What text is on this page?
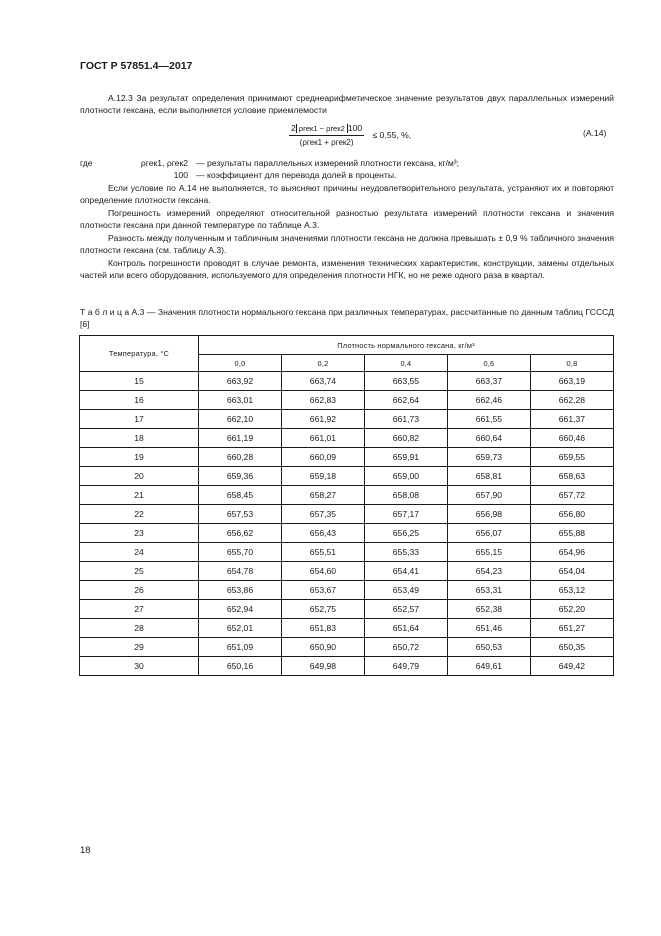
ГОСТ Р 57851.4—2017

А.12.3 За результат определения принимают среднеарифметическое значение результатов двух параллельных измерений плотности гексана, если выполняется условие приемлемости

$\frac{\text{2 ρгек1 − ρгек2 100}}{\text{(ρгек1 + ρгек2)}} \le 0,55$, %,	(А.14)
где	ρгек1, ρгек2 — результаты параллельных измерений плотности гексана, кг/м³;
100 — коэффициент для перевода долей в проценты.

Если условие по А.14 не выполняется, то выясняют причины неудовлетворительного результата, устраняют их и повторяют определение плотности гексана.

Погрешность измерений определяют относительной разностью результата измерений плотности гексана и значения плотности гексана при данной температуре по таблице А.3.

Разность между полученным и табличным значениями плотности гексана не должна превышать ± 0,9 % табличного значения плотности гексана (см. таблицу А.3).

Контроль погрешности проводят в случае ремонта, изменения технических характеристик, конструкции, замены отдельных частей или всего оборудования, используемого для определения плотности НГК, но не реже одного раза в квартал.

Т а б л и ц а А.3 — Значения плотности нормального гексана при различных температурах, рассчитанные по данным таблиц ГСССД [6]

Температура, °С	Плотность нормального гексана, кг/м³				
	0,0	0,2	0,4	0,6	0,8
15	663,92	663,74	663,55	663,37	663,19
16	663,01	662,83	662,64	662,46	662,28
17	662,10	661,92	661,73	661,55	661,37
18	661,19	661,01	660,82	660,64	660,46
19	660,28	660,09	659,91	659,73	659,55
20	659,36	659,18	659,00	658,81	658,63
21	658,45	658,27	658,08	657,90	657,72
22	657,53	657,35	657,17	656,98	656,80
23	656,62	656,43	656,25	656,07	655,88
24	655,70	655,51	655,33	655,15	654,96
25	654,78	654,60	654,41	654,23	654,04
26	653,86	653,67	653,49	653,31	653,12
27	652,94	652,75	652,57	652,38	652,20
28	652,01	651,83	651,64	651,46	651,27
29	651,09	650,90	650,72	650,53	650,35
30	650,16	649,98	649,79	649,61	649,42
18
